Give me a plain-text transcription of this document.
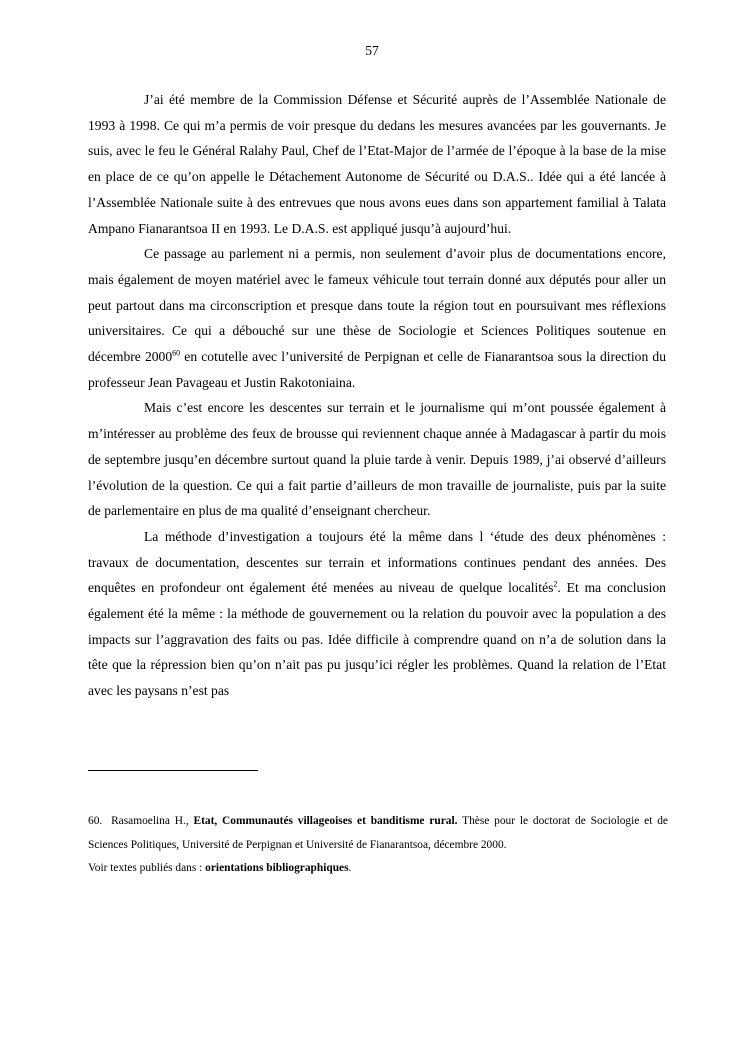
57

J’ai été membre de la Commission Défense et Sécurité auprès de l’Assemblée Nationale de 1993 à 1998. Ce qui m’a permis de voir presque du dedans les mesures avancées par les gouvernants. Je suis, avec le feu le Général Ralahy Paul, Chef de l’Etat-Major de l’armée de l’époque à la base de la mise en place de ce qu’on appelle le Détachement Autonome de Sécurité ou D.A.S.. Idée qui a été lancée à l’Assemblée Nationale suite à des entrevues que nous avons eues dans son appartement familial à Talata Ampano Fianarantsoa II en 1993. Le D.A.S. est appliqué jusqu’à aujourd’hui.

Ce passage au parlement ni a permis, non seulement d’avoir plus de documentations encore, mais également de moyen matériel avec le fameux véhicule tout terrain donné aux députés pour aller un peut partout dans ma circonscription et presque dans toute la région tout en poursuivant mes réflexions universitaires. Ce qui a débouché sur une thèse de Sociologie et Sciences Politiques soutenue en décembre 2000$^{60}$ en cotutelle avec l’université de Perpignan et celle de Fianarantsoa sous la direction du professeur Jean Pavageau et Justin Rakotoniaina.

Mais c’est encore les descentes sur terrain et le journalisme qui m’ont poussée également à m’intéresser au problème des feux de brousse qui reviennent chaque année à Madagascar à partir du mois de septembre jusqu’en décembre surtout quand la pluie tarde à venir. Depuis 1989, j’ai observé d’ailleurs l’évolution de la question. Ce qui a fait partie d’ailleurs de mon travaille de journaliste, puis par la suite de parlementaire en plus de ma qualité d’enseignant chercheur.

La méthode d’investigation a toujours été la même dans l ‘étude des deux phénomènes : travaux de documentation, descentes sur terrain et informations continues pendant des années. Des enquêtes en profondeur ont également été menées au niveau de quelque localités$^2$. Et ma conclusion également été la même : la méthode de gouvernement ou la relation du pouvoir avec la population a des impacts sur l’aggravation des faits ou pas. Idée difficile à comprendre quand on n’a de solution dans la tête que la répression bien qu’on n’ait pas pu jusqu’ici régler les problèmes. Quand la relation de l’Etat avec les paysans n’est pas

60. Rasamoelina H., Etat, Communautés villageoises et banditisme rural. Thèse pour le doctorat de Sociologie et de Sciences Politiques, Université de Perpignan et Université de Fianarantsoa, décembre 2000.

Voir textes publiés dans : orientations bibliographiques.
